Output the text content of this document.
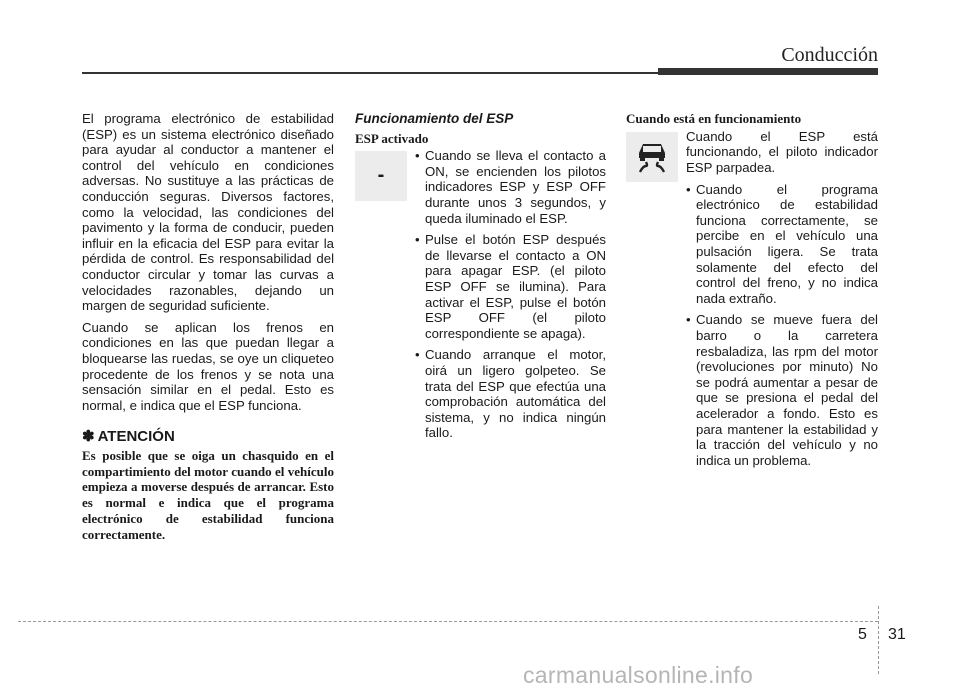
Conducción

El programa electrónico de estabilidad (ESP) es un sistema electrónico diseñado para ayudar al conductor a mantener el control del vehículo en condiciones adversas. No sustituye a las prácticas de conducción seguras. Diversos factores, como la velocidad, las condiciones del pavimento y la forma de conducir, pueden influir en la eficacia del ESP para evitar la pérdida de control. Es responsabilidad del conductor circular y tomar las curvas a velocidades razonables, dejando un margen de seguridad suficiente.

Cuando se aplican los frenos en condiciones en las que puedan llegar a bloquearse las ruedas, se oye un cliqueteo procedente de los frenos y se nota una sensación similar en el pedal. Esto es normal, e indica que el ESP funciona.

✽ ATENCIÓN

Es posible que se oiga un chasquido en el compartimiento del motor cuando el vehículo empieza a moverse después de arrancar. Esto es normal e indica que el programa electrónico de estabilidad funciona correctamente.

Funcionamiento del ESP
ESP activado
-
• Cuando se lleva el contacto a ON, se encienden los pilotos indicadores ESP y ESP OFF durante unos 3 segundos, y queda iluminado el ESP.
• Pulse el botón ESP después de llevarse el contacto a ON para apagar ESP. (el piloto ESP OFF se ilumina). Para activar el ESP, pulse el botón ESP OFF (el piloto correspondiente se apaga).
• Cuando arranque el motor, oirá un ligero golpeteo. Se trata del ESP que efectúa una comprobación automática del sistema, y no indica ningún fallo.
Cuando está en funcionamiento

Cuando el ESP está funcionando, el piloto indicador ESP parpadea.

• Cuando el programa electrónico de estabilidad funciona correctamente, se percibe en el vehículo una pulsación ligera. Se trata solamente del efecto del control del freno, y no indica nada extraño.
• Cuando se mueve fuera del barro o la carretera resbaladiza, las rpm del motor (revoluciones por minuto) No se podrá aumentar a pesar de que se presiona el pedal del acelerador a fondo. Esto es para mantener la estabilidad y la tracción del vehículo y no indica un problema.
5 31
carmanualsonline.info
